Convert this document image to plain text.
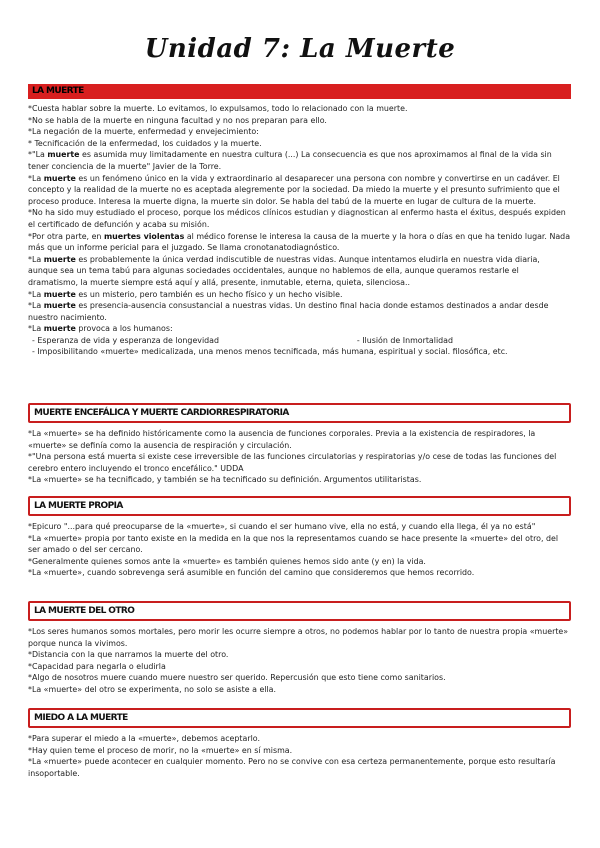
Unidad 7: La Muerte
LA MUERTE

*Cuesta hablar sobre la muerte. Lo evitamos, lo expulsamos, todo lo relacionado con la muerte.

*No se habla de la muerte en ninguna facultad y no nos preparan para ello.

*La negación de la muerte, enfermedad y envejecimiento:

* Tecnificación de la enfermedad, los cuidados y la muerte.

*"La muerte es asumida muy limitadamente en nuestra cultura (...) La consecuencia es que nos aproximamos al final de la vida sin tener conciencia de la muerte" Javier de la Torre.

*La muerte es un fenómeno único en la vida y extraordinario al desaparecer una persona con nombre y convertirse en un cadáver. El concepto y la realidad de la muerte no es aceptada alegremente por la sociedad. Da miedo la muerte y el presunto sufrimiento que el proceso produce. Interesa la muerte digna, la muerte sin dolor. Se habla del tabú de la muerte en lugar de cultura de la muerte.

*No ha sido muy estudiado el proceso, porque los médicos clínicos estudian y diagnostican al enfermo hasta el éxitus, después expiden el certificado de defunción y acaba su misión.

*Por otra parte, en muertes violentas al médico forense le interesa la causa de la muerte y la hora o días en que ha tenido lugar. Nada más que un informe pericial para el juzgado. Se llama cronotanatodiagnóstico.

*La muerte es probablemente la única verdad indiscutible de nuestras vidas. Aunque intentamos eludirla en nuestra vida diaria, aunque sea un tema tabú para algunas sociedades occidentales, aunque no hablemos de ella, aunque queramos restarle el dramatismo, la muerte siempre está aquí y allá, presente, inmutable, eterna, quieta, silenciosa..

*La muerte es un misterio, pero también es un hecho físico y un hecho visible.

*La muerte es presencia-ausencia consustancial a nuestras vidas. Un destino final hacia donde estamos destinados a andar desde nuestro nacimiento.

*La muerte provoca a los humanos:

- Esperanza de vida y esperanza de longevidad	- Ilusión de Inmortalidad
- Imposibilitando «muerte» medicalizada, una menos menos tecnificada, más humana, espiritual y social. filosófica, etc.
MUERTE ENCEFÁLICA Y MUERTE CARDIORRESPIRATORIA

*La «muerte» se ha definido históricamente como la ausencia de funciones corporales. Previa a la existencia de respiradores, la «muerte» se definía como la ausencia de respiración y circulación.

*"Una persona está muerta si existe cese irreversible de las funciones circulatorias y respiratorias y/o cese de todas las funciones del cerebro entero incluyendo el tronco encefálico." UDDA

*La «muerte» se ha tecnificado, y también se ha tecnificado su definición. Argumentos utilitaristas.

LA MUERTE PROPIA

*Epicuro "...para qué preocuparse de la «muerte», si cuando el ser humano vive, ella no está, y cuando ella llega, él ya no está"

*La «muerte» propia por tanto existe en la medida en la que nos la representamos cuando se hace presente la «muerte» del otro, del ser amado o del ser cercano.

*Generalmente quienes somos ante la «muerte» es también quienes hemos sido ante (y en) la vida.

*La «muerte», cuando sobrevenga será asumible en función del camino que consideremos que hemos recorrido.

LA MUERTE DEL OTRO

*Los seres humanos somos mortales, pero morir les ocurre siempre a otros, no podemos hablar por lo tanto de nuestra propia «muerte» porque nunca la vivimos.

*Distancia con la que narramos la muerte del otro.

*Capacidad para negarla o eludirla

*Algo de nosotros muere cuando muere nuestro ser querido. Repercusión que esto tiene como sanitarios.

*La «muerte» del otro se experimenta, no solo se asiste a ella.

MIEDO A LA MUERTE

*Para superar el miedo a la «muerte», debemos aceptarlo.

*Hay quien teme el proceso de morir, no la «muerte» en sí misma.

*La «muerte» puede acontecer en cualquier momento. Pero no se convive con esa certeza permanentemente, porque esto resultaría insoportable.
